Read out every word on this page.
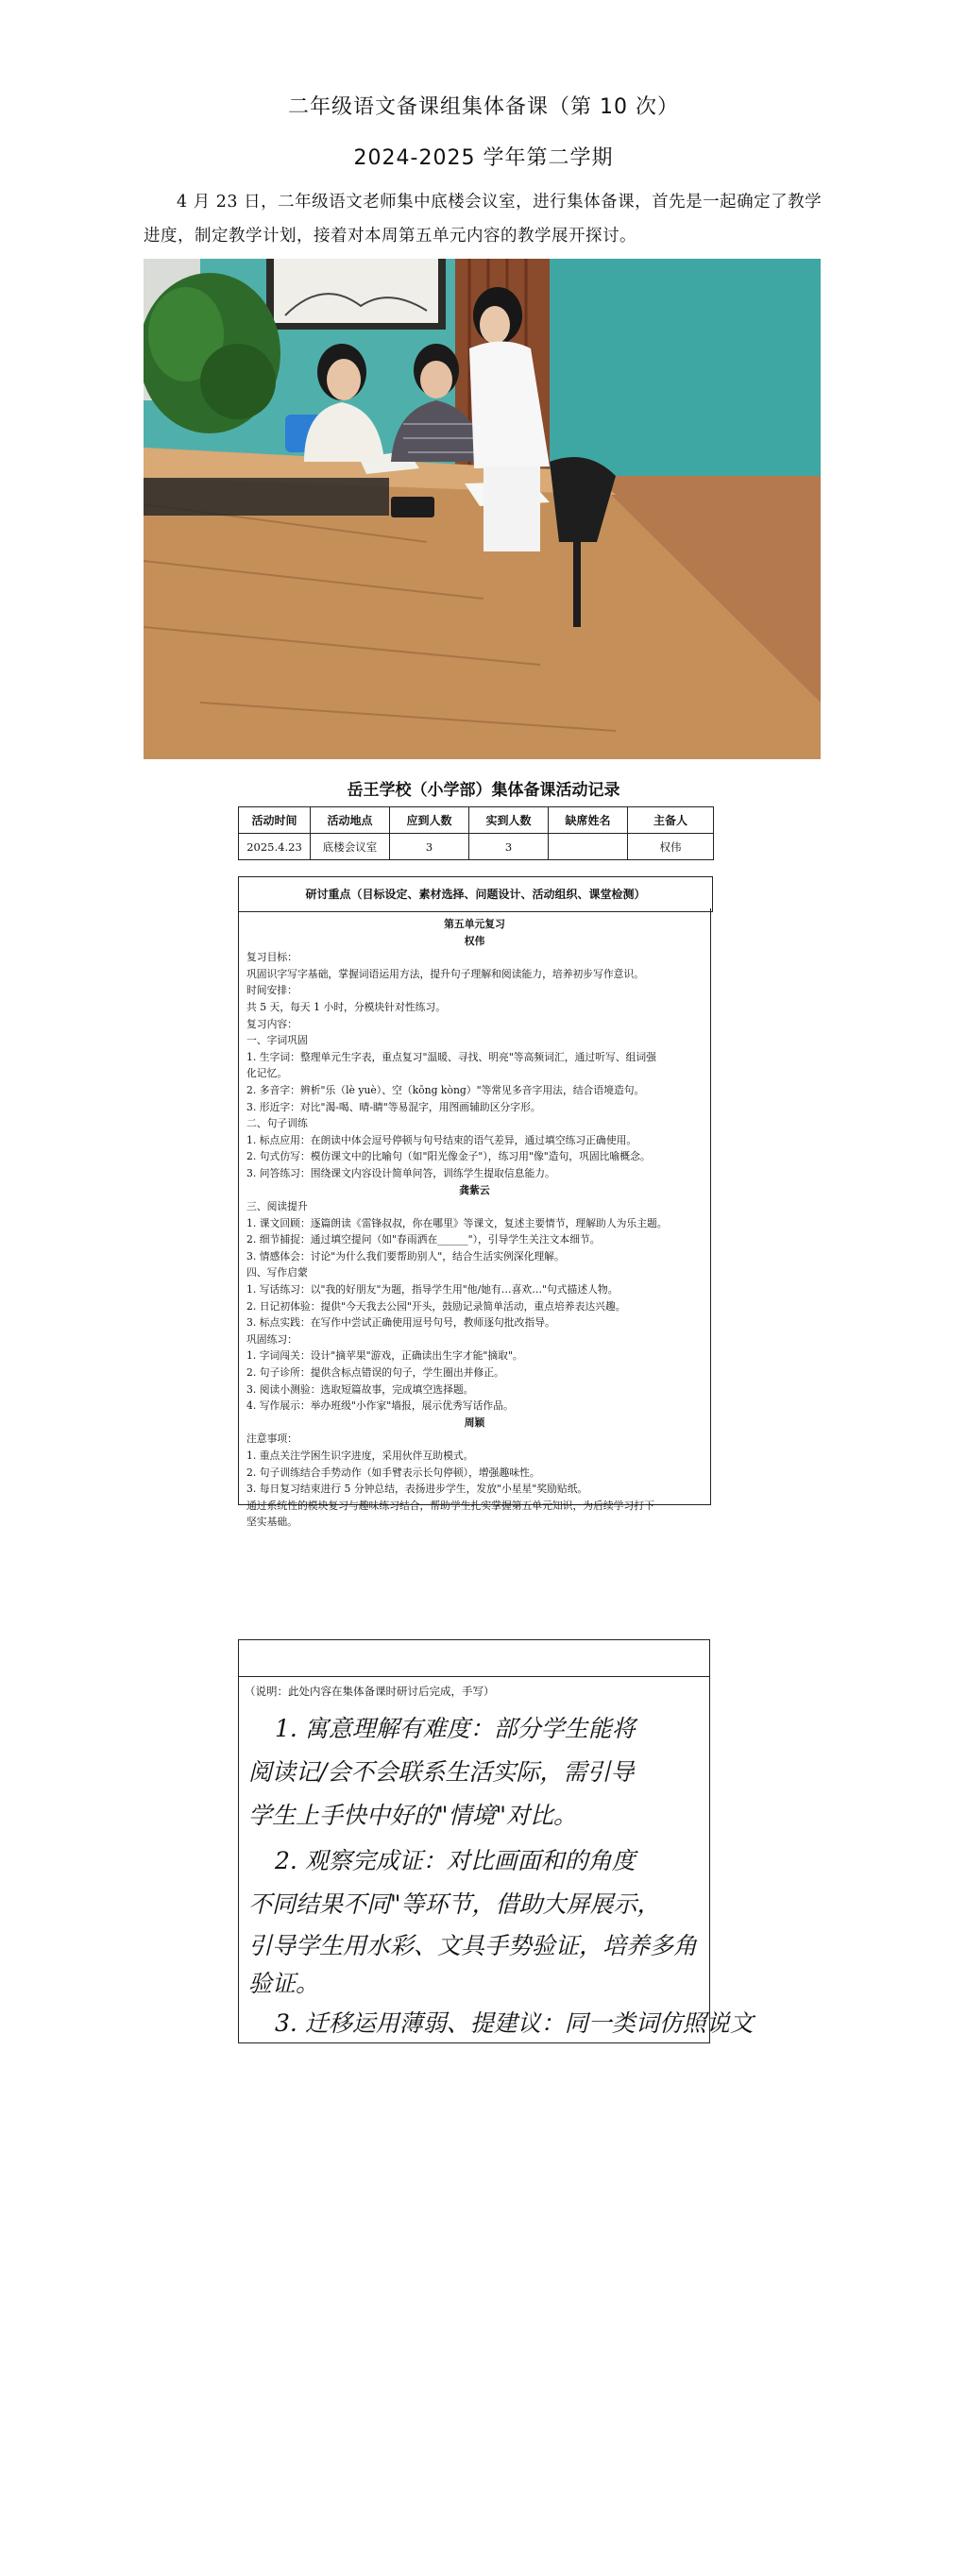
二年级语文备课组集体备课（第 10 次）
2024-2025 学年第二学期
4 月 23 日，二年级语文老师集中底楼会议室，进行集体备课，首先是一起确定了教学进度，制定教学计划，接着对本周第五单元内容的教学展开探讨。
岳王学校（小学部）集体备课活动记录
活动时间	活动地点	应到人数	实到人数	缺席姓名	主备人
2025.4.23	底楼会议室	3	3		权伟
研讨重点（目标设定、素材选择、问题设计、活动组织、课堂检测）

第五单元复习

权伟

复习目标：

巩固识字写字基础，掌握词语运用方法，提升句子理解和阅读能力，培养初步写作意识。

时间安排：

共 5 天，每天 1 小时，分模块针对性练习。

复习内容：

一、字词巩固

1. 生字词：整理单元生字表，重点复习"温暖、寻找、明亮"等高频词汇，通过听写、组词强

化记忆。

2. 多音字：辨析"乐（lè yuè）、空（kōng kòng）"等常见多音字用法，结合语境造句。

3. 形近字：对比"渴-喝、晴-睛"等易混字，用图画辅助区分字形。

二、句子训练

1. 标点应用：在朗读中体会逗号停顿与句号结束的语气差异，通过填空练习正确使用。

2. 句式仿写：模仿课文中的比喻句（如"阳光像金子"），练习用"像"造句，巩固比喻概念。

3. 问答练习：围绕课文内容设计简单问答，训练学生提取信息能力。

龚紫云

三、阅读提升

1. 课文回顾：逐篇朗读《雷锋叔叔，你在哪里》等课文，复述主要情节，理解助人为乐主题。

2. 细节捕捉：通过填空提问（如"春雨洒在______"），引导学生关注文本细节。

3. 情感体会：讨论"为什么我们要帮助别人"，结合生活实例深化理解。

四、写作启蒙

1. 写话练习：以"我的好朋友"为题，指导学生用"他/她有…喜欢…"句式描述人物。

2. 日记初体验：提供"今天我去公园"开头，鼓励记录简单活动，重点培养表达兴趣。

3. 标点实践：在写作中尝试正确使用逗号句号，教师逐句批改指导。

巩固练习：

1. 字词闯关：设计"摘苹果"游戏，正确读出生字才能"摘取"。

2. 句子诊所：提供含标点错误的句子，学生圈出并修正。

3. 阅读小测验：选取短篇故事，完成填空选择题。

4. 写作展示：举办班级"小作家"墙报，展示优秀写话作品。

周颖

注意事项：

1. 重点关注学困生识字进度，采用伙伴互助模式。

2. 句子训练结合手势动作（如手臂表示长句停顿），增强趣味性。

3. 每日复习结束进行 5 分钟总结，表扬进步学生，发放"小星星"奖励贴纸。

通过系统性的模块复习与趣味练习结合，帮助学生扎实掌握第五单元知识，为后续学习打下

坚实基础。

（说明：此处内容在集体备课时研讨后完成，手写）
1. 寓意理解有难度：部分学生能将
阅读记/会不会联系生活实际，需引导
学生上手快中好的"情境"对比。
2. 观察完成证：对比画面和的角度
不同结果不同"等环节，借助大屏展示，
引导学生用水彩、文具手势验证，培养多角
验证。
3. 迁移运用薄弱、提建议：同一类词仿照说文
